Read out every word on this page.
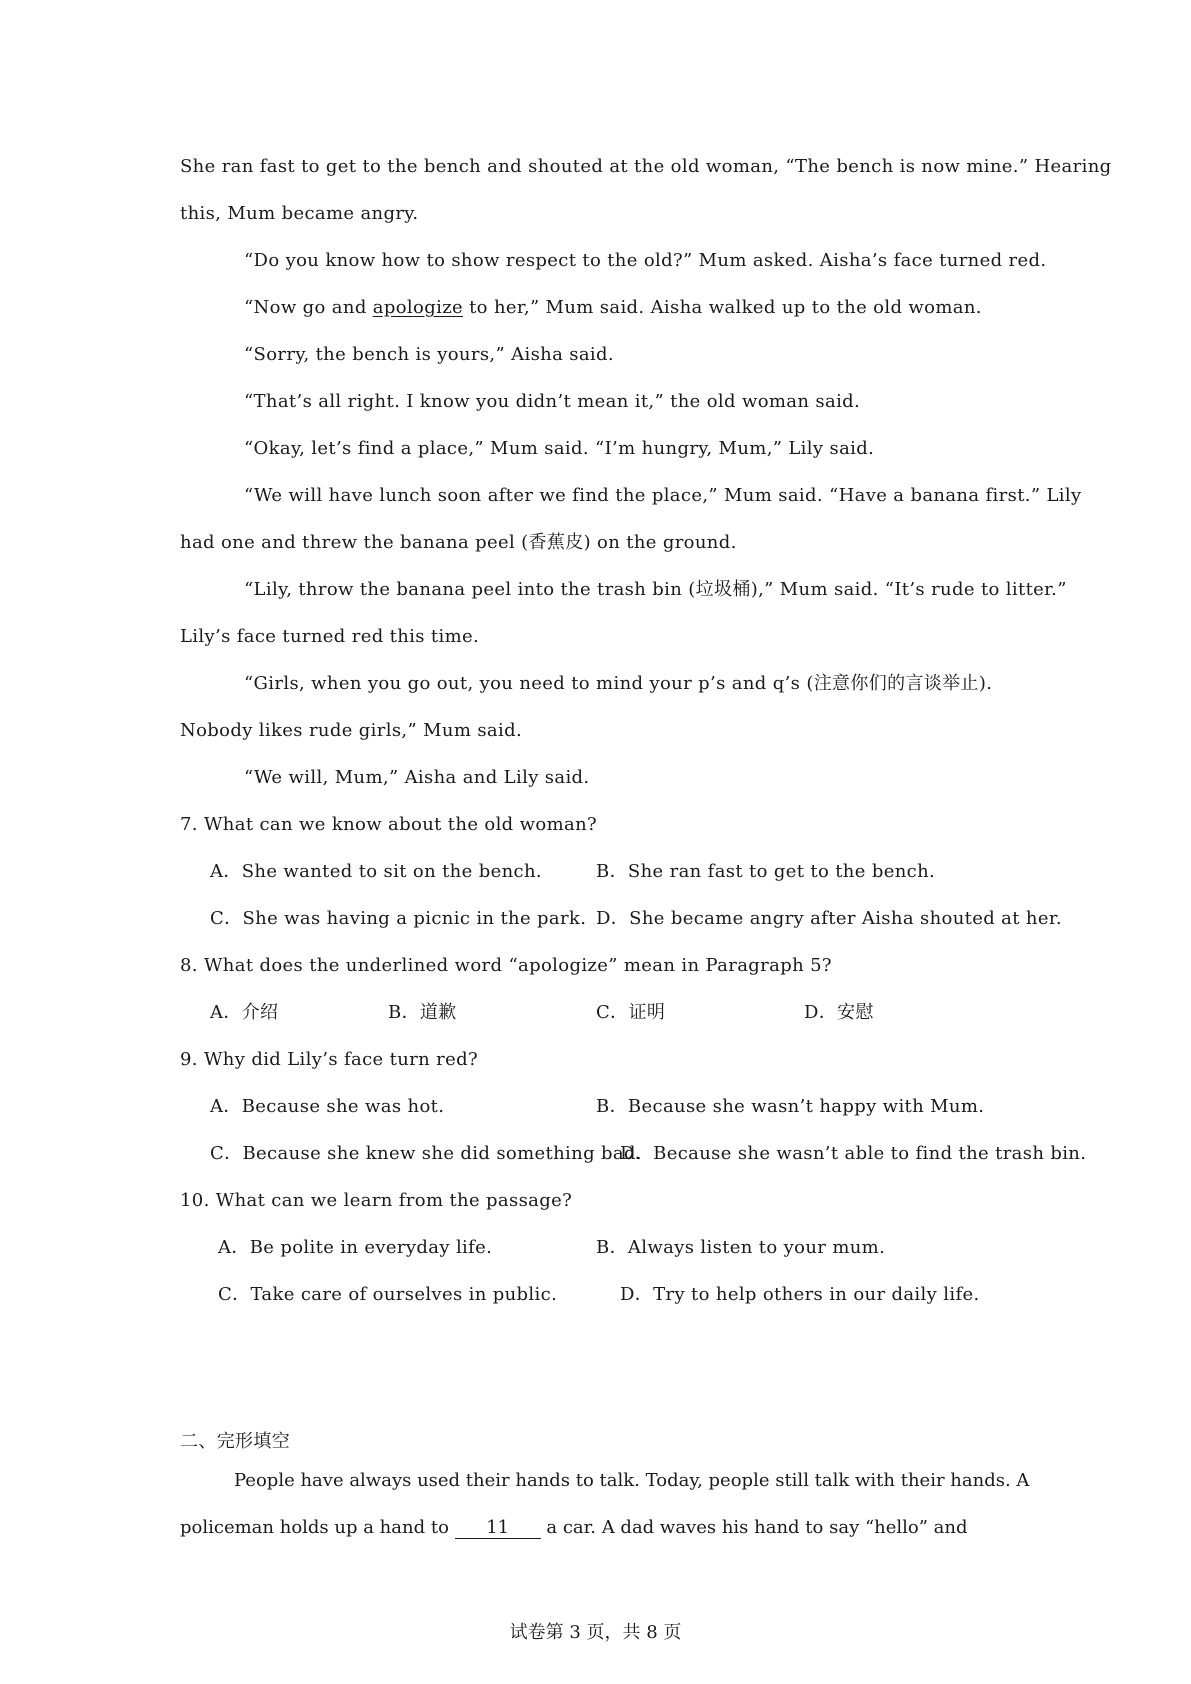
She ran fast to get to the bench and shouted at the old woman, “The bench is now mine.” Hearing
this, Mum became angry.
“Do you know how to show respect to the old?” Mum asked. Aisha’s face turned red.
“Now go and apologize to her,” Mum said. Aisha walked up to the old woman.
“Sorry, the bench is yours,” Aisha said.
“That’s all right. I know you didn’t mean it,” the old woman said.
“Okay, let’s find a place,” Mum said. “I’m hungry, Mum,” Lily said.
“We will have lunch soon after we find the place,” Mum said. “Have a banana first.” Lily
had one and threw the banana peel (香蕉皮) on the ground.
“Lily, throw the banana peel into the trash bin (垃圾桶),” Mum said. “It’s rude to litter.”
Lily’s face turned red this time.
“Girls, when you go out, you need to mind your p’s and q’s (注意你们的言谈举止).
Nobody likes rude girls,” Mum said.
“We will, Mum,” Aisha and Lily said.
7. What can we know about the old woman?
A．She wanted to sit on the bench.	B．She ran fast to get to the bench.
C．She was having a picnic in the park. D．She became angry after Aisha shouted at her.
8. What does the underlined word “apologize” mean in Paragraph 5?
A．介绍	B．道歉	C．证明	D．安慰
9. Why did Lily’s face turn red?
A．Because she was hot.	B．Because she wasn’t happy with Mum.
C．Because she knew she did something bad.
D．Because she wasn’t able to find the trash bin.
10. What can we learn from the passage?
A．Be polite in everyday life.	B．Always listen to your mum.
C．Take care of ourselves in public.	D．Try to help others in our daily life.
二、完形填空
People have always used their hands to talk. Today, people still talk with their hands. A
policeman holds up a hand to 11 a car. A dad waves his hand to say “hello” and
试卷第 3 页，共 8 页
